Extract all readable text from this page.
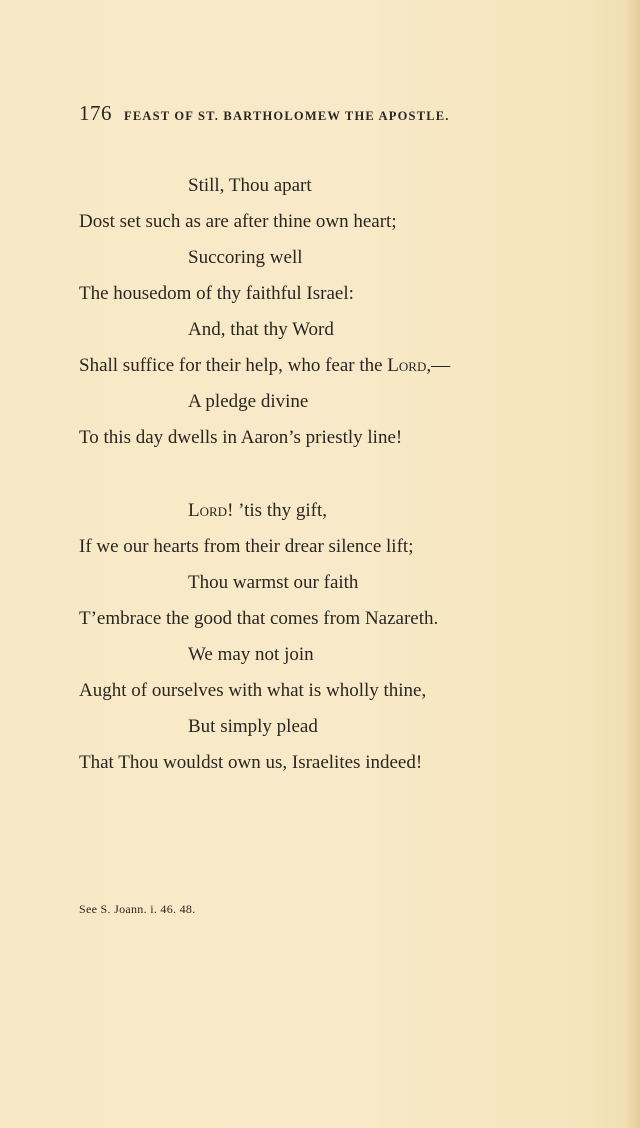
176 FEAST OF ST. BARTHOLOMEW THE APOSTLE.
Still, Thou apart
Dost set such as are after thine own heart;
Succoring well
The housedom of thy faithful Israel:
And, that thy Word
Shall suffice for their help, who fear the Lord,—
A pledge divine
To this day dwells in Aaron’s priestly line!
Lord! ’tis thy gift,
If we our hearts from their drear silence lift;
Thou warmst our faith
T’embrace the good that comes from Nazareth.
We may not join
Aught of ourselves with what is wholly thine,
But simply plead
That Thou wouldst own us, Israelites indeed!
See S. Joann. i. 46. 48.
